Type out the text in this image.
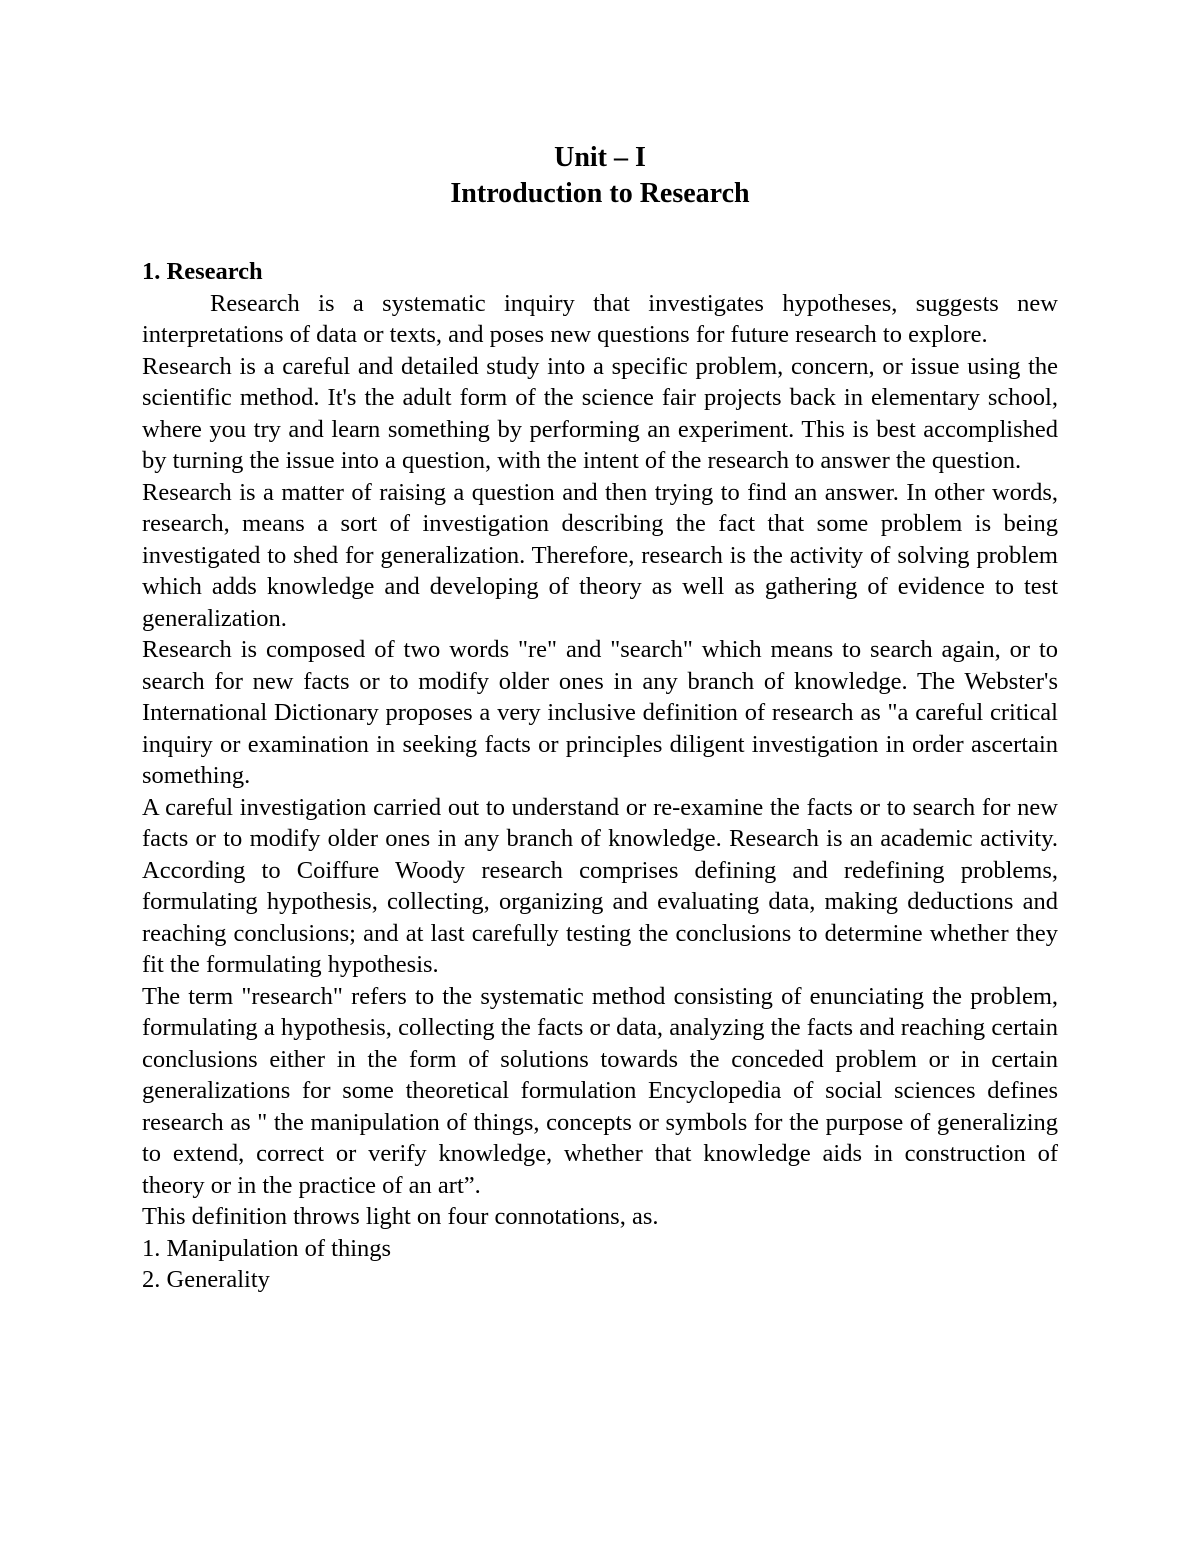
Unit – I
Introduction to Research
1. Research

Research is a systematic inquiry that investigates hypotheses, suggests new interpretations of data or texts, and poses new questions for future research to explore.

Research is a careful and detailed study into a specific problem, concern, or issue using the scientific method. It's the adult form of the science fair projects back in elementary school, where you try and learn something by performing an experiment. This is best accomplished by turning the issue into a question, with the intent of the research to answer the question.

Research is a matter of raising a question and then trying to find an answer. In other words, research, means a sort of investigation describing the fact that some problem is being investigated to shed for generalization. Therefore, research is the activity of solving problem which adds knowledge and developing of theory as well as gathering of evidence to test generalization.

Research is composed of two words "re" and "search" which means to search again, or to search for new facts or to modify older ones in any branch of knowledge. The Webster's International Dictionary proposes a very inclusive definition of research as "a careful critical inquiry or examination in seeking facts or principles diligent investigation in order ascertain something.

A careful investigation carried out to understand or re-examine the facts or to search for new facts or to modify older ones in any branch of knowledge. Research is an academic activity. According to Coiffure Woody research comprises defining and redefining problems, formulating hypothesis, collecting, organizing and evaluating data, making deductions and reaching conclusions; and at last carefully testing the conclusions to determine whether they fit the formulating hypothesis.

The term "research" refers to the systematic method consisting of enunciating the problem, formulating a hypothesis, collecting the facts or data, analyzing the facts and reaching certain conclusions either in the form of solutions towards the conceded problem or in certain generalizations for some theoretical formulation Encyclopedia of social sciences defines research as " the manipulation of things, concepts or symbols for the purpose of generalizing to extend, correct or verify knowledge, whether that knowledge aids in construction of theory or in the practice of an art”.

This definition throws light on four connotations, as.

1. Manipulation of things
2. Generality
